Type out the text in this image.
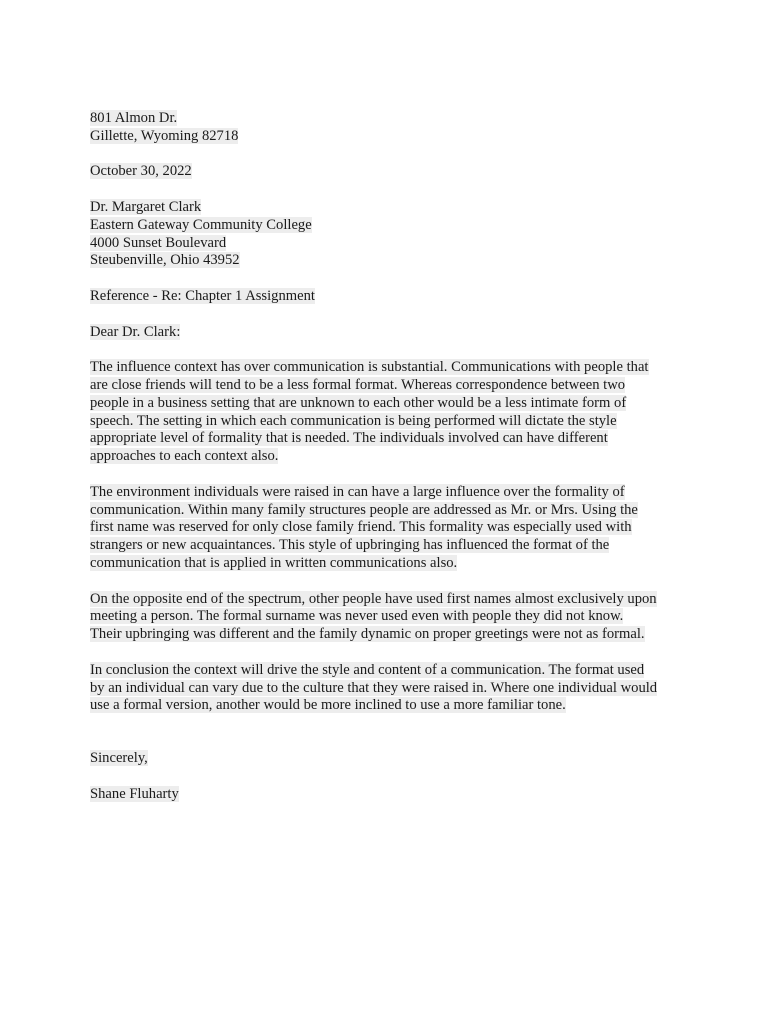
801 Almon Dr.
Gillette, Wyoming 82718
October 30, 2022
Dr. Margaret Clark
Eastern Gateway Community College
4000 Sunset Boulevard
Steubenville, Ohio 43952
Reference - Re: Chapter 1 Assignment
Dear Dr. Clark:
The influence context has over communication is substantial. Communications with people that
are close friends will tend to be a less formal format. Whereas correspondence between two
people in a business setting that are unknown to each other would be a less intimate form of
speech. The setting in which each communication is being performed will dictate the style
appropriate level of formality that is needed. The individuals involved can have different
approaches to each context also.
The environment individuals were raised in can have a large influence over the formality of
communication. Within many family structures people are addressed as Mr. or Mrs. Using the
first name was reserved for only close family friend. This formality was especially used with
strangers or new acquaintances. This style of upbringing has influenced the format of the
communication that is applied in written communications also.
On the opposite end of the spectrum, other people have used first names almost exclusively upon
meeting a person. The formal surname was never used even with people they did not know.
Their upbringing was different and the family dynamic on proper greetings were not as formal.
In conclusion the context will drive the style and content of a communication. The format used
by an individual can vary due to the culture that they were raised in. Where one individual would
use a formal version, another would be more inclined to use a more familiar tone.
Sincerely,
Shane Fluharty
